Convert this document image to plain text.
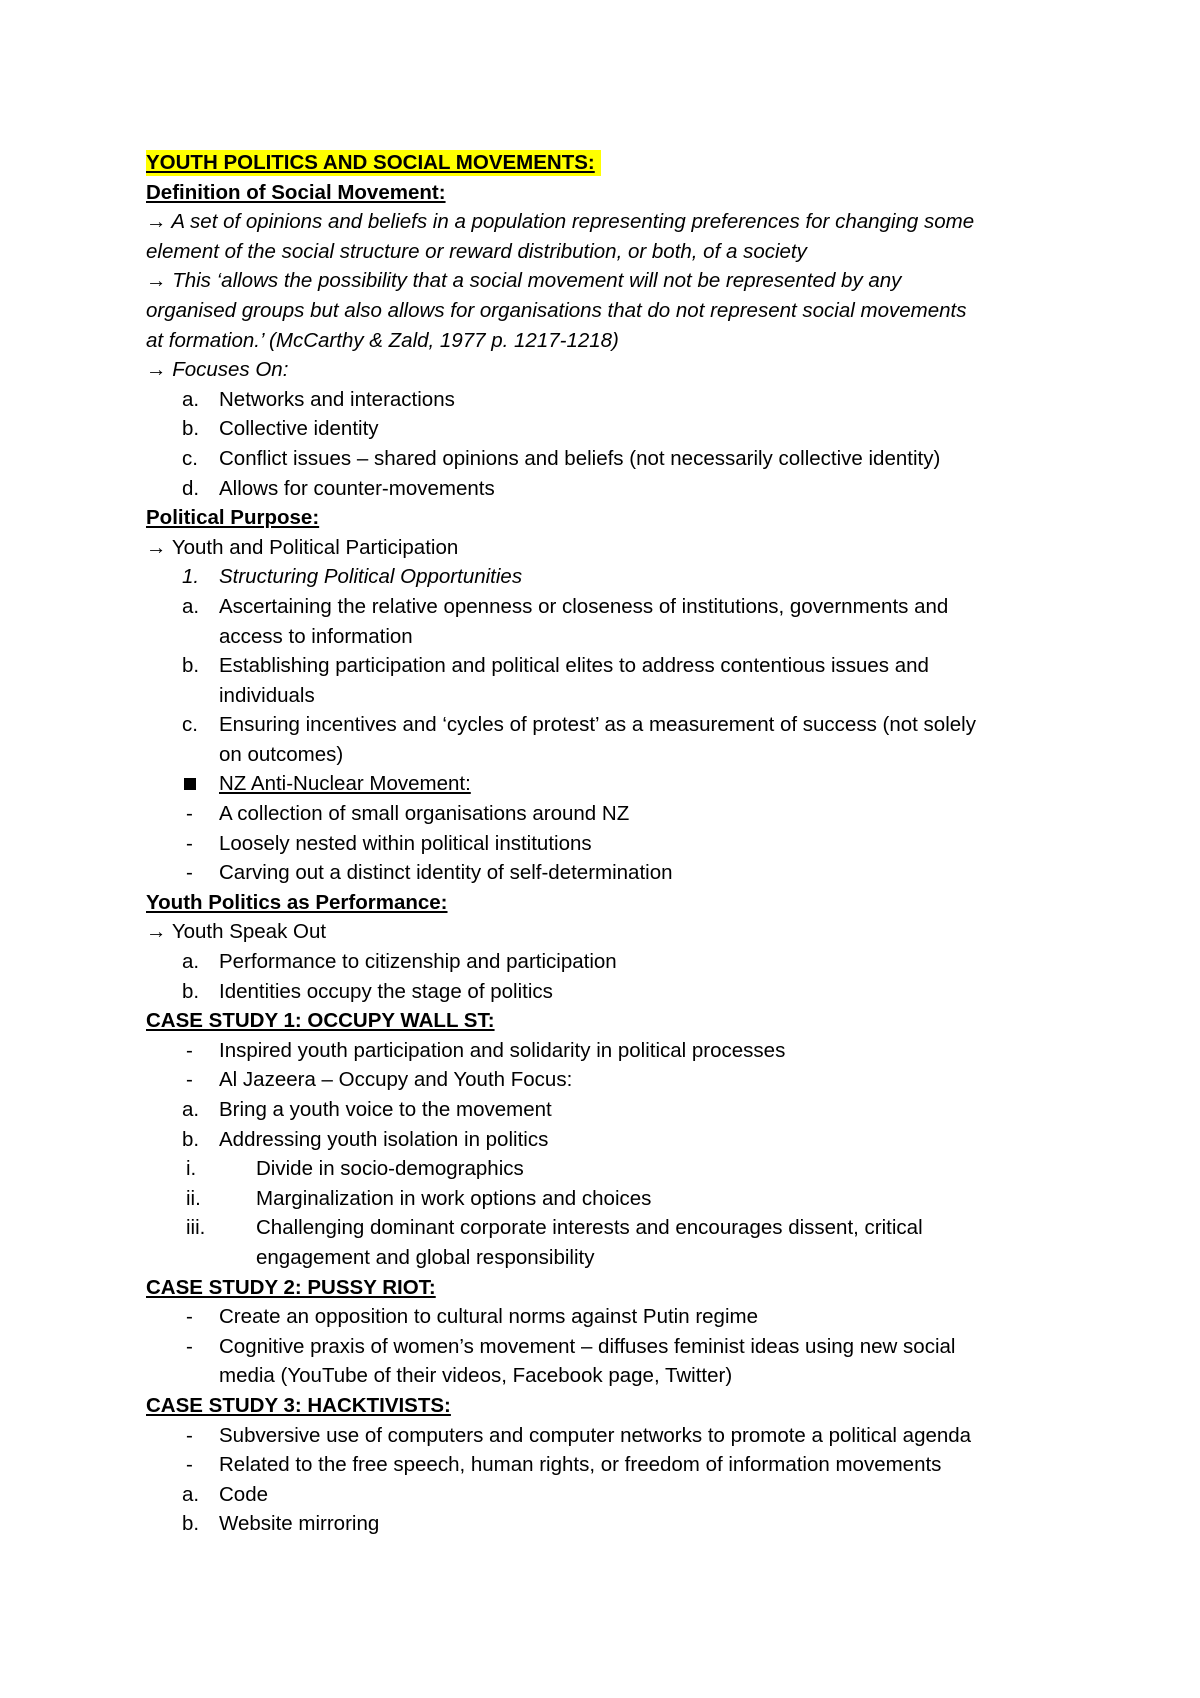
YOUTH POLITICS AND SOCIAL MOVEMENTS:
Definition of Social Movement:
→ A set of opinions and beliefs in a population representing preferences for changing some
element of the social structure or reward distribution, or both, of a society
→ This ‘allows the possibility that a social movement will not be represented by any
organised groups but also allows for organisations that do not represent social movements
at formation.’ (McCarthy & Zald, 1977 p. 1217-1218)
→ Focuses On:
a. Networks and interactions
b. Collective identity
c. Conflict issues – shared opinions and beliefs (not necessarily collective identity)
d. Allows for counter-movements
Political Purpose:
→ Youth and Political Participation
1. Structuring Political Opportunities
a. Ascertaining the relative openness or closeness of institutions, governments and
access to information
b. Establishing participation and political elites to address contentious issues and
individuals
c. Ensuring incentives and ‘cycles of protest’ as a measurement of success (not solely
on outcomes)
NZ Anti-Nuclear Movement:
- A collection of small organisations around NZ
- Loosely nested within political institutions
- Carving out a distinct identity of self-determination
Youth Politics as Performance:
→ Youth Speak Out
a. Performance to citizenship and participation
b. Identities occupy the stage of politics
CASE STUDY 1: OCCUPY WALL ST:
- Inspired youth participation and solidarity in political processes
- Al Jazeera – Occupy and Youth Focus:
a. Bring a youth voice to the movement
b. Addressing youth isolation in politics
i.	Divide in socio-demographics
ii.	Marginalization in work options and choices
iii. Challenging dominant corporate interests and encourages dissent, critical
engagement and global responsibility
CASE STUDY 2: PUSSY RIOT:
- Create an opposition to cultural norms against Putin regime
- Cognitive praxis of women’s movement – diffuses feminist ideas using new social
media (YouTube of their videos, Facebook page, Twitter)
CASE STUDY 3: HACKTIVISTS:
- Subversive use of computers and computer networks to promote a political agenda
- Related to the free speech, human rights, or freedom of information movements
a. Code
b. Website mirroring
